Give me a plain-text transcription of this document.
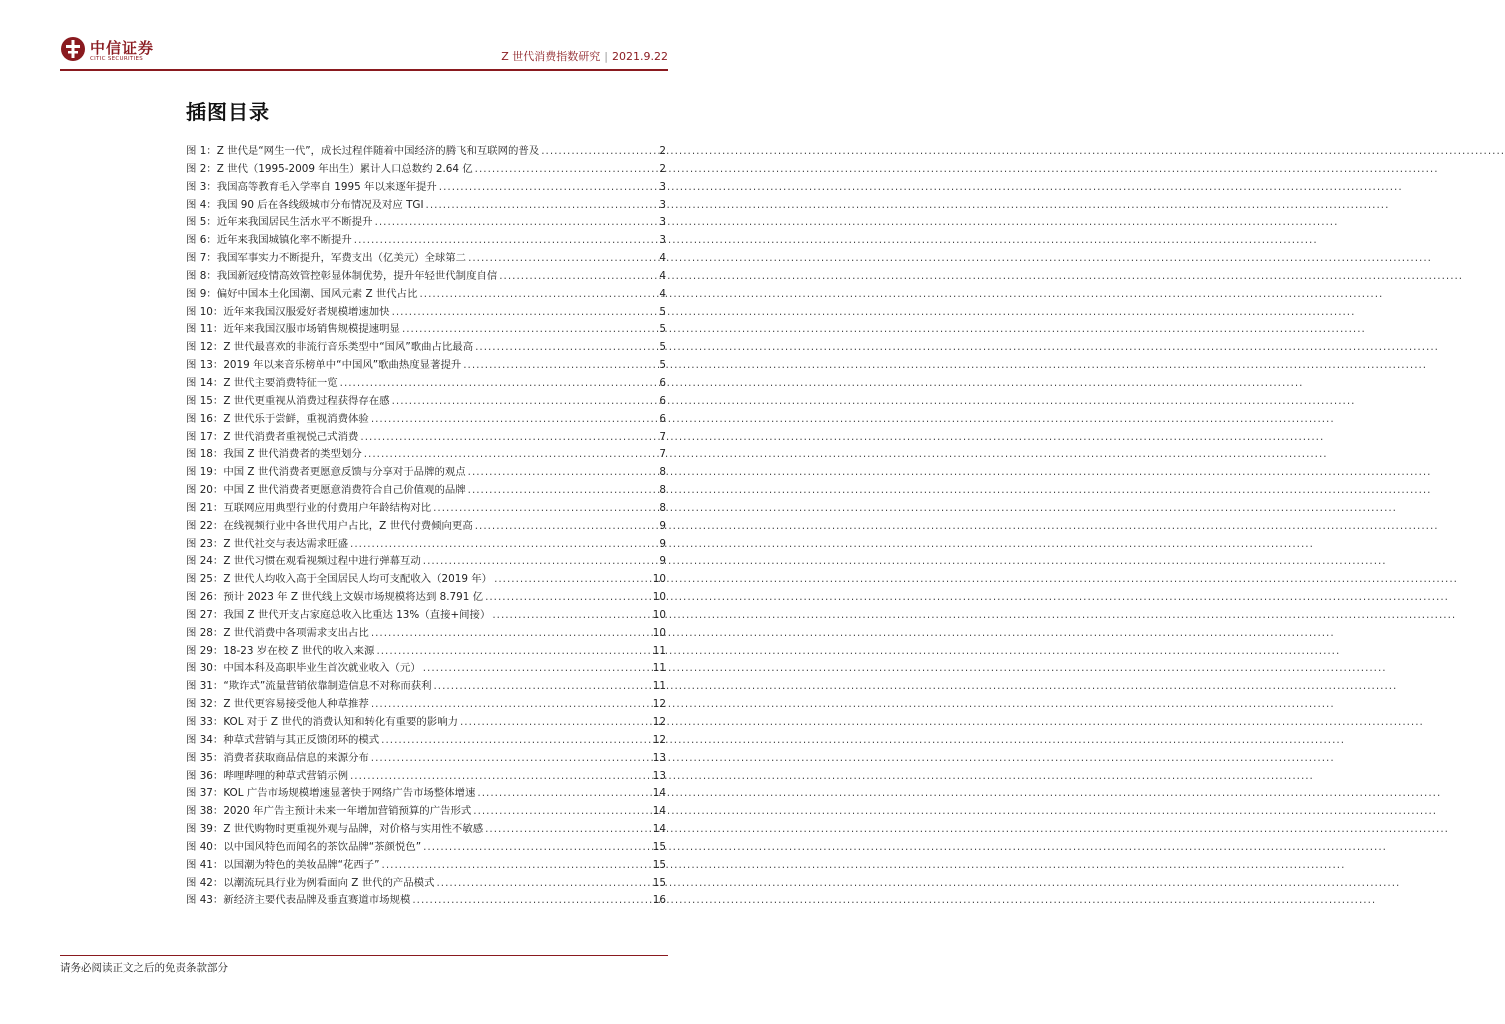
中信证券
CITIC SECURITIES	Z 世代消费指数研究 | 2021.9.22
插图目录
图 1： Z 世代是“网生一代”，成长过程伴随着中国经济的腾飞和互联网的普及 .....	2
图 2： Z 世代（1995-2009 年出生）累计人口总数约 2.64 亿 .....	2
图 3： 我国高等教育毛入学率自 1995 年以来逐年提升 .....	3
图 4： 我国 90 后在各线级城市分布情况及对应 TGI .....	3
图 5： 近年来我国居民生活水平不断提升 .....	3
图 6： 近年来我国城镇化率不断提升 .....	3
图 7： 我国军事实力不断提升，军费支出（亿美元）全球第二 .....	4
图 8： 我国新冠疫情高效管控彰显体制优势，提升年轻世代制度自信 .....	4
图 9： 偏好中国本土化国潮、国风元素 Z 世代占比 .....	4
图 10： 近年来我国汉服爱好者规模增速加快 .....	5
图 11： 近年来我国汉服市场销售规模提速明显 .....	5
图 12： Z 世代最喜欢的非流行音乐类型中“国风”歌曲占比最高 .....	5
图 13： 2019 年以来音乐榜单中“中国风”歌曲热度显著提升 .....	5
图 14： Z 世代主要消费特征一览 .....	6
图 15： Z 世代更重视从消费过程获得存在感 .....	6
图 16： Z 世代乐于尝鲜，重视消费体验 .....	6
图 17： Z 世代消费者重视悦己式消费 .....	7
图 18： 我国 Z 世代消费者的类型划分 .....	7
图 19： 中国 Z 世代消费者更愿意反馈与分享对于品牌的观点 .....	8
图 20： 中国 Z 世代消费者更愿意消费符合自己价值观的品牌 .....	8
图 21： 互联网应用典型行业的付费用户年龄结构对比 .....	8
图 22： 在线视频行业中各世代用户占比，Z 世代付费倾向更高 .....	9
图 23： Z 世代社交与表达需求旺盛 .....	9
图 24： Z 世代习惯在观看视频过程中进行弹幕互动 .....	9
图 25： Z 世代人均收入高于全国居民人均可支配收入（2019 年） .....	10
图 26： 预计 2023 年 Z 世代线上文娱市场规模将达到 8.791 亿 .....	10
图 27： 我国 Z 世代开支占家庭总收入比重达 13%（直接+间接） .....	10
图 28： Z 世代消费中各项需求支出占比 .....	10
图 29： 18-23 岁在校 Z 世代的收入来源 .....	11
图 30： 中国本科及高职毕业生首次就业收入（元） .....	11
图 31： “欺诈式”流量营销依靠制造信息不对称而获利 .....	11
图 32： Z 世代更容易接受他人种草推荐 .....	12
图 33： KOL 对于 Z 世代的消费认知和转化有重要的影响力 .....	12
图 34： 种草式营销与其正反馈闭环的模式 .....	12
图 35： 消费者获取商品信息的来源分布 .....	13
图 36： 哔哩哔哩的种草式营销示例 .....	13
图 37： KOL 广告市场规模增速显著快于网络广告市场整体增速 .....	14
图 38： 2020 年广告主预计未来一年增加营销预算的广告形式 .....	14
图 39： Z 世代购物时更重视外观与品牌，对价格与实用性不敏感 .....	14
图 40： 以中国风特色而闻名的茶饮品牌“茶颜悦色” .....	15
图 41： 以国潮为特色的美妆品牌“花西子” .....	15
图 42： 以潮流玩具行业为例看面向 Z 世代的产品模式 .....	15
图 43： 新经济主要代表品牌及垂直赛道市场规模 .....	16
请务必阅读正文之后的免责条款部分
